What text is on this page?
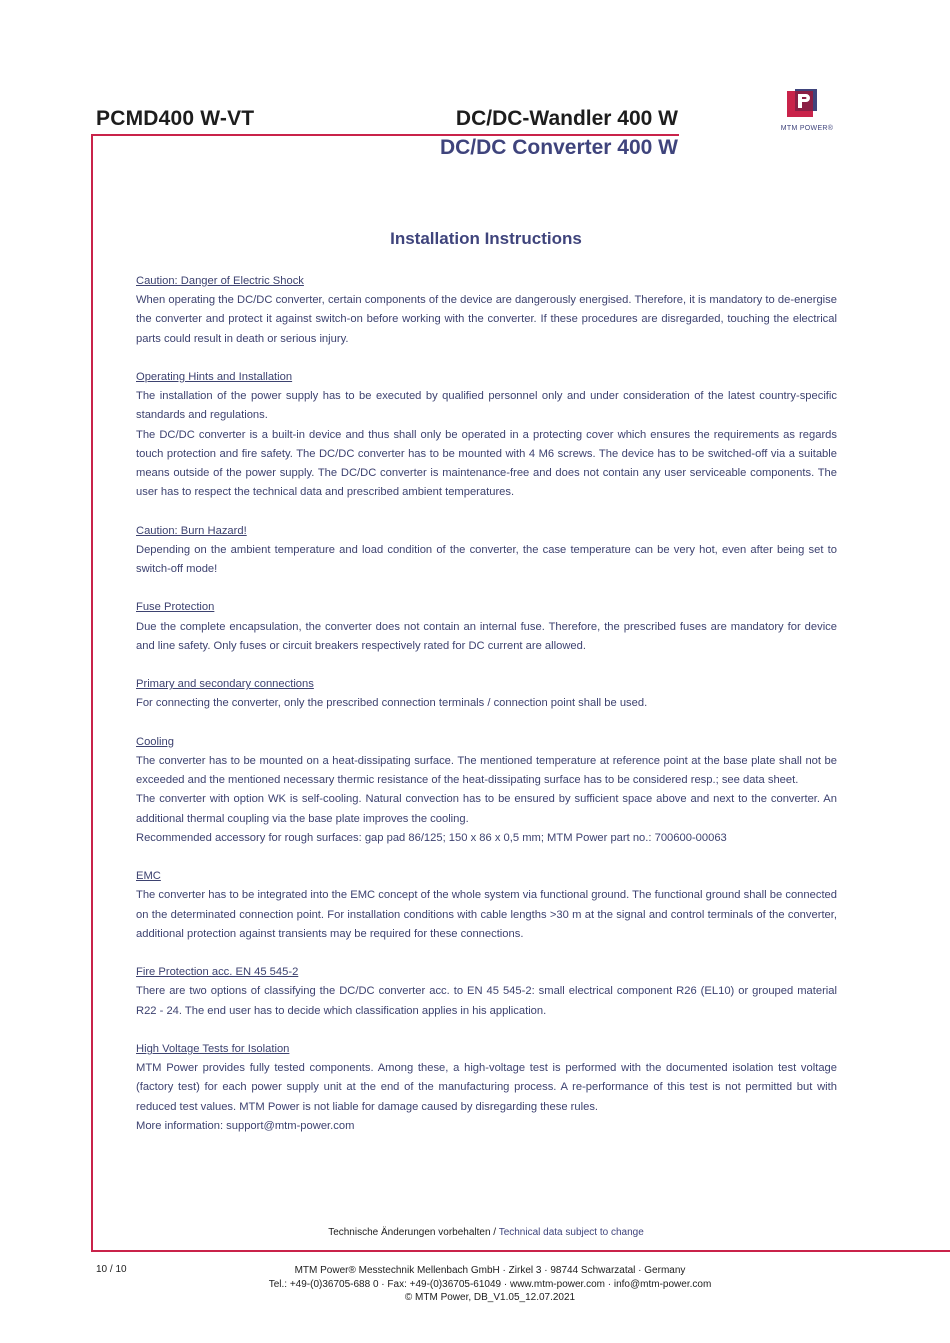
PCMD400 W-VT	DC/DC-Wandler 400 W
DC/DC Converter 400 W
MTM POWER®
Installation Instructions
Caution: Danger of Electric Shock

When operating the DC/DC converter, certain components of the device are dangerously energised. Therefore, it is mandatory to de-energise the converter and protect it against switch-on before working with the converter. If these procedures are disregarded, touching the electrical parts could result in death or serious injury.

Operating Hints and Installation

The installation of the power supply has to be executed by qualified personnel only and under consideration of the latest country-specific standards and regulations.

The DC/DC converter is a built-in device and thus shall only be operated in a protecting cover which ensures the requirements as regards touch protection and fire safety. The DC/DC converter has to be mounted with 4 M6 screws. The device has to be switched-off via a suitable means outside of the power supply. The DC/DC converter is maintenance-free and does not contain any user serviceable components. The user has to respect the technical data and prescribed ambient temperatures.

Caution: Burn Hazard!

Depending on the ambient temperature and load condition of the converter, the case temperature can be very hot, even after being set to switch-off mode!

Fuse Protection

Due the complete encapsulation, the converter does not contain an internal fuse. Therefore, the prescribed fuses are mandatory for device and line safety. Only fuses or circuit breakers respectively rated for DC current are allowed.

Primary and secondary connections

For connecting the converter, only the prescribed connection terminals / connection point shall be used.

Cooling

The converter has to be mounted on a heat-dissipating surface. The mentioned temperature at reference point at the base plate shall not be exceeded and the mentioned necessary thermic resistance of the heat-dissipating surface has to be considered resp.; see data sheet.

The converter with option WK is self-cooling. Natural convection has to be ensured by sufficient space above and next to the converter. An additional thermal coupling via the base plate improves the cooling.

Recommended accessory for rough surfaces: gap pad 86/125; 150 x 86 x 0,5 mm; MTM Power part no.: 700600-00063

EMC

The converter has to be integrated into the EMC concept of the whole system via functional ground. The functional ground shall be connected on the determinated connection point. For installation conditions with cable lengths >30 m at the signal and control terminals of the converter, additional protection against transients may be required for these connections.

Fire Protection acc. EN 45 545-2

There are two options of classifying the DC/DC converter acc. to EN 45 545-2: small electrical component R26 (EL10) or grouped material R22 - 24. The end user has to decide which classification applies in his application.

High Voltage Tests for Isolation

MTM Power provides fully tested components. Among these, a high-voltage test is performed with the documented isolation test voltage (factory test) for each power supply unit at the end of the manufacturing process. A re-performance of this test is not permitted but with reduced test values. MTM Power is not liable for damage caused by disregarding these rules.

More information: support@mtm-power.com

Technische Änderungen vorbehalten / Technical data subject to change
10 / 10	MTM Power® Messtechnik Mellenbach GmbH · Zirkel 3 · 98744 Schwarzatal · Germany
Tel.: +49-(0)36705-688 0 · Fax: +49-(0)36705-61049 · www.mtm-power.com · info@mtm-power.com
© MTM Power, DB_V1.05_12.07.2021
